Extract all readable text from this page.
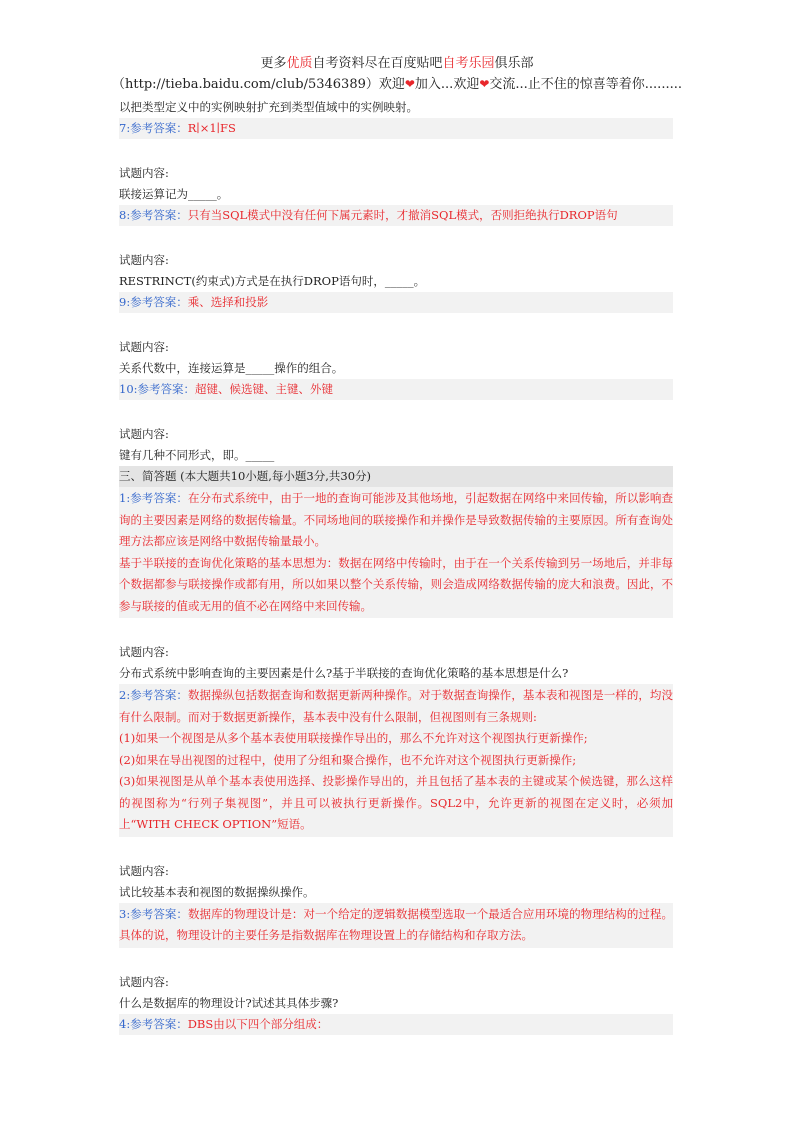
更多优质自考资料尽在百度贴吧自考乐园俱乐部
（http://tieba.baidu.com/club/5346389）欢迎❤加入...欢迎❤交流...止不住的惊喜等着你.........
以把类型定义中的实例映射扩充到类型值域中的实例映射。
7:参考答案：R∣×1∣FS
试题内容:
联接运算记为_____。
8:参考答案：只有当SQL模式中没有任何下属元素时，才撤消SQL模式，否则拒绝执行DROP语句
试题内容:
RESTRINCT(约束式)方式是在执行DROP语句时，_____。
9:参考答案：乘、选择和投影
试题内容:
关系代数中，连接运算是_____操作的组合。
10:参考答案：超键、候选键、主键、外键
试题内容:
键有几种不同形式，即。_____
三、简答题 (本大题共10小题,每小题3分,共30分)

1:参考答案：在分布式系统中，由于一地的查询可能涉及其他场地，引起数据在网络中来回传输，所以影响查询的主要因素是网络的数据传输量。不同场地间的联接操作和并操作是导致数据传输的主要原因。所有查询处理方法都应该是网络中数据传输量最小。

基于半联接的查询优化策略的基本思想为：数据在网络中传输时，由于在一个关系传输到另一场地后，并非每个数据都参与联接操作或都有用，所以如果以整个关系传输，则会造成网络数据传输的庞大和浪费。因此，不参与联接的值或无用的值不必在网络中来回传输。

试题内容:
分布式系统中影响查询的主要因素是什么?基于半联接的查询优化策略的基本思想是什么?

2:参考答案：数据操纵包括数据查询和数据更新两种操作。对于数据查询操作，基本表和视图是一样的，均没有什么限制。而对于数据更新操作，基本表中没有什么限制，但视图则有三条规则:

(1)如果一个视图是从多个基本表使用联接操作导出的，那么不允许对这个视图执行更新操作;

(2)如果在导出视图的过程中，使用了分组和聚合操作，也不允许对这个视图执行更新操作;

(3)如果视图是从单个基本表使用选择、投影操作导出的，并且包括了基本表的主键或某个候选键，那么这样的视图称为“行列子集视图”，并且可以被执行更新操作。SQL2中，允许更新的视图在定义时，必须加上“WITH CHECK OPTION”短语。

试题内容:
试比较基本表和视图的数据操纵操作。

3:参考答案：数据库的物理设计是：对一个给定的逻辑数据模型选取一个最适合应用环境的物理结构的过程。具体的说，物理设计的主要任务是指数据库在物理设置上的存储结构和存取方法。

试题内容:
什么是数据库的物理设计?试述其具体步骤?
4:参考答案：DBS由以下四个部分组成：
